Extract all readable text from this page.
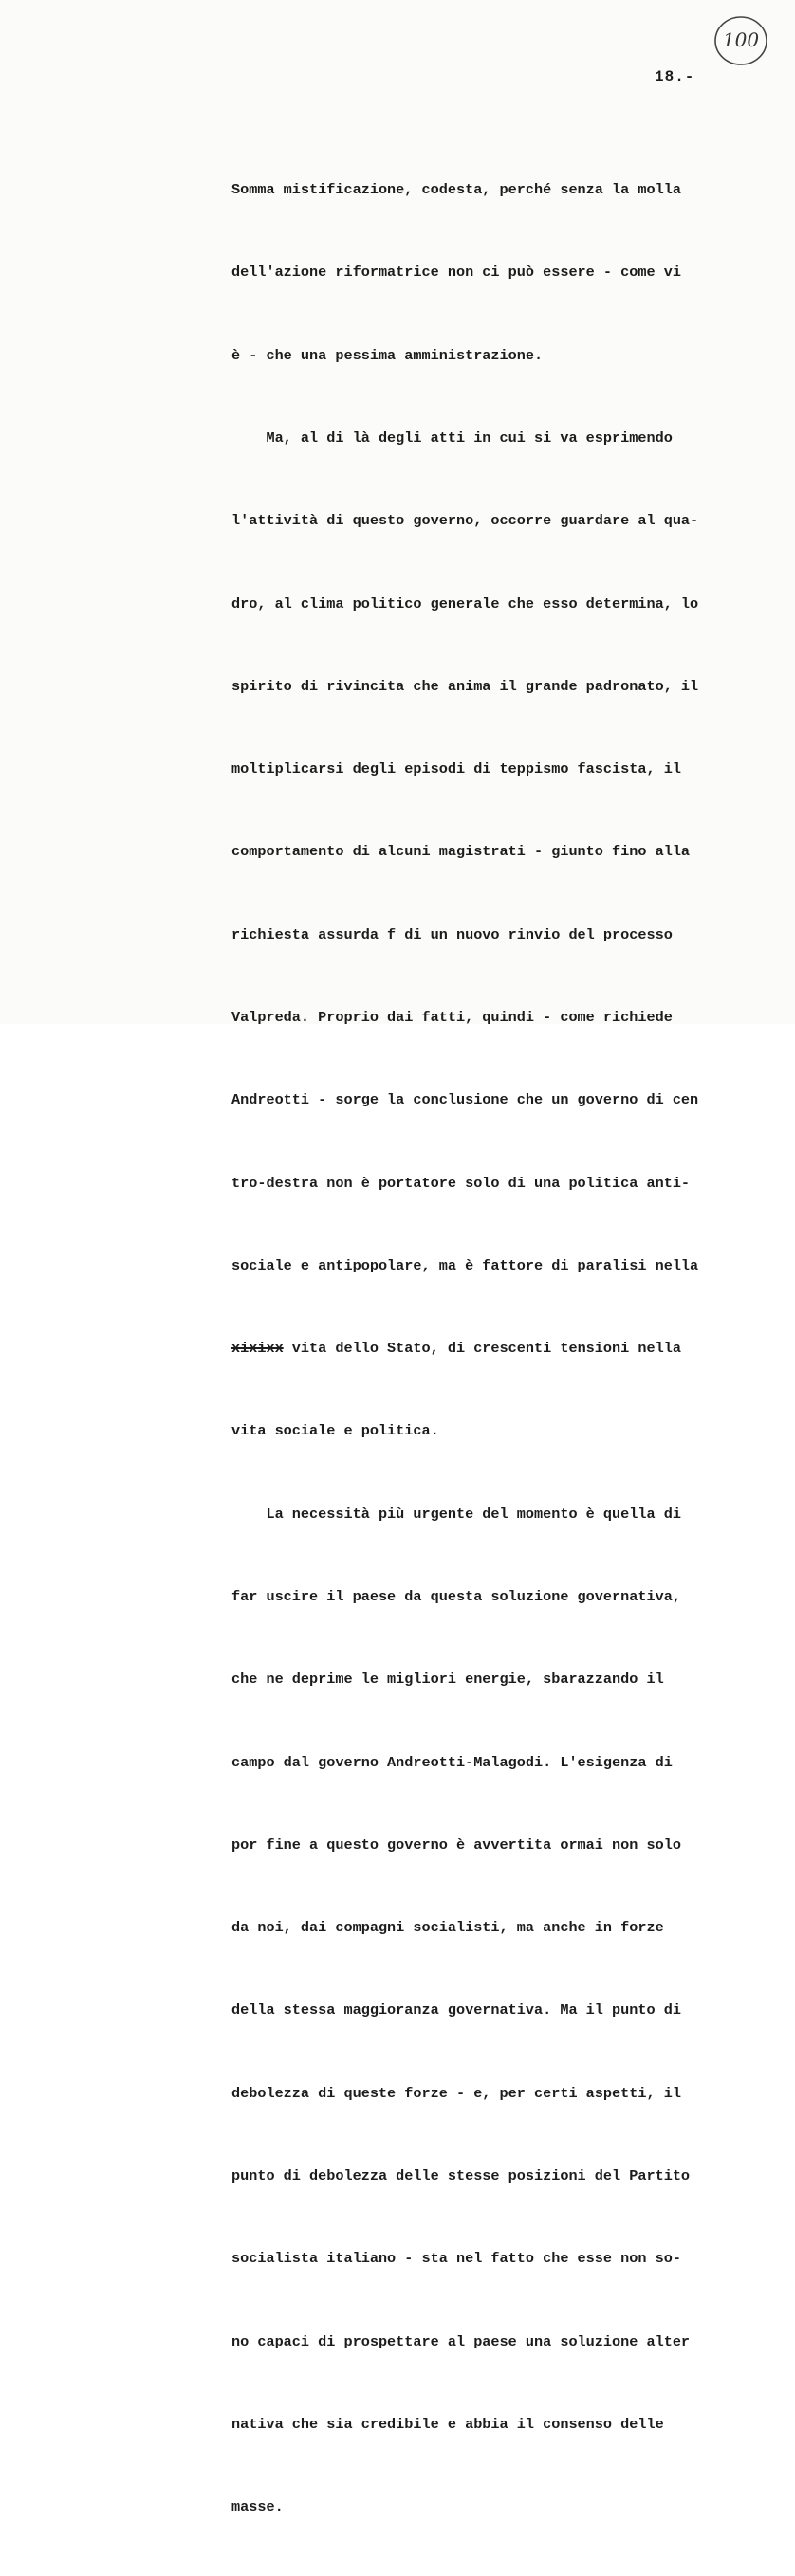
100
18.-

Somma mistificazione, codesta, perché senza la molla

dell'azione riformatrice non ci può essere - come vi

è - che una pessima amministrazione.

Ma, al di là degli atti in cui si va esprimendo

l'attività di questo governo, occorre guardare al qua-

dro, al clima politico generale che esso determina, lo

spirito di rivincita che anima il grande padronato, il

moltiplicarsi degli episodi di teppismo fascista, il

comportamento di alcuni magistrati - giunto fino alla

richiesta assurda f di un nuovo rinvio del processo

Valpreda. Proprio dai fatti, quindi - come richiede

Andreotti - sorge la conclusione che un governo di cen

tro-destra non è portatore solo di una politica anti-

sociale e antipopolare, ma è fattore di paralisi nella

xixixx vita dello Stato, di crescenti tensioni nella

vita sociale e politica.

La necessità più urgente del momento è quella di

far uscire il paese da questa soluzione governativa,

che ne deprime le migliori energie, sbarazzando il

campo dal governo Andreotti-Malagodi. L'esigenza di

por fine a questo governo è avvertita ormai non solo

da noi, dai compagni socialisti, ma anche in forze

della stessa maggioranza governativa. Ma il punto di

debolezza di queste forze - e, per certi aspetti, il

punto di debolezza delle stesse posizioni del Partito

socialista italiano - sta nel fatto che esse non so-

no capaci di prospettare al paese una soluzione alter

nativa che sia credibile e abbia il consenso delle

masse.
